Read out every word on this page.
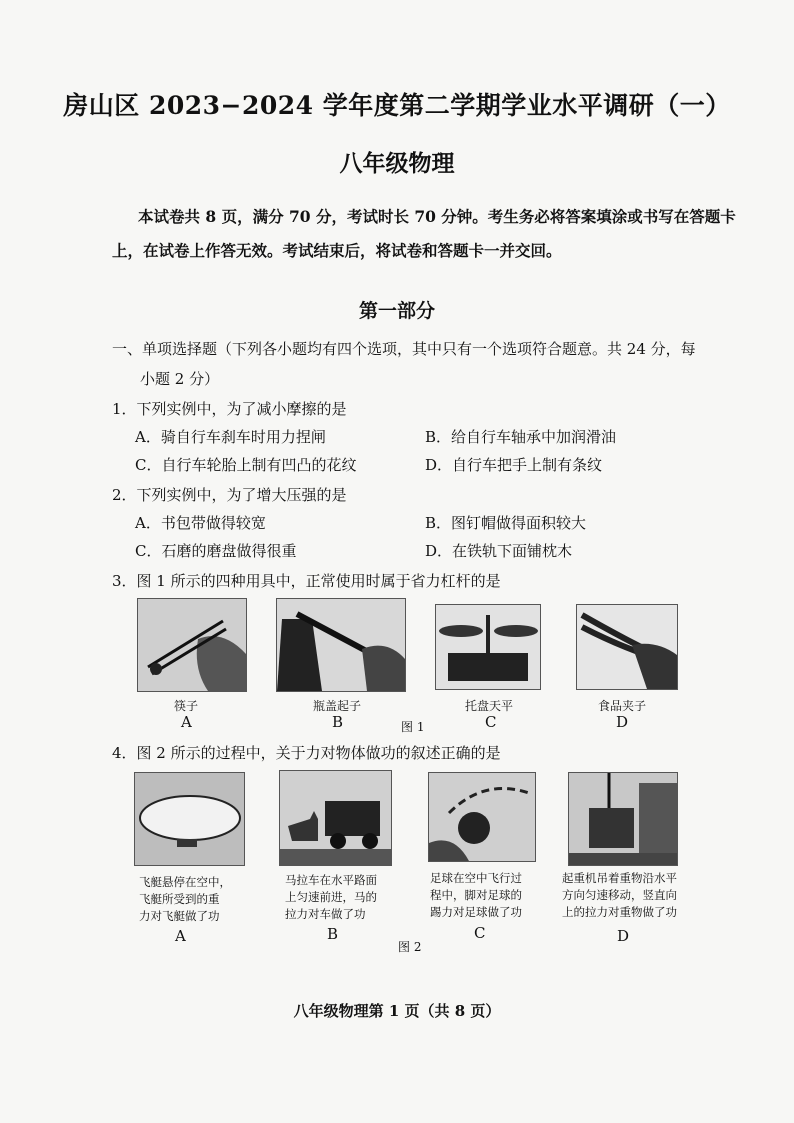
房山区 2023−2024 学年度第二学期学业水平调研（一）
八年级物理
本试卷共 8 页，满分 70 分，考试时长 70 分钟。考生务必将答案填涂或书写在答题卡
上，在试卷上作答无效。考试结束后，将试卷和答题卡一并交回。
第一部分
一、单项选择题（下列各小题均有四个选项，其中只有一个选项符合题意。共 24 分，每
小题 2 分）
1．下列实例中，为了减小摩擦的是
A．骑自行车刹车时用力捏闸	B．给自行车轴承中加润滑油
C．自行车轮胎上制有凹凸的花纹	D．自行车把手上制有条纹
2．下列实例中，为了增大压强的是
A．书包带做得较宽	B．图钉帽做得面积较大
C．石磨的磨盘做得很重	D．在铁轨下面铺枕木
3．图 1 所示的四种用具中，正常使用时属于省力杠杆的是
筷子
A
瓶盖起子
B	图 1
托盘天平
C
食品夹子
D
4．图 2 所示的过程中，关于力对物体做功的叙述正确的是
飞艇悬停在空中，
飞艇所受到的重
力对飞艇做了功
A
马拉车在水平路面
上匀速前进，马的
拉力对车做了功
B
足球在空中飞行过
程中，脚对足球的
踢力对足球做了功
C
起重机吊着重物沿水平
方向匀速移动，竖直向
上的拉力对重物做了功
D
图 2
八年级物理第 1 页（共 8 页）
